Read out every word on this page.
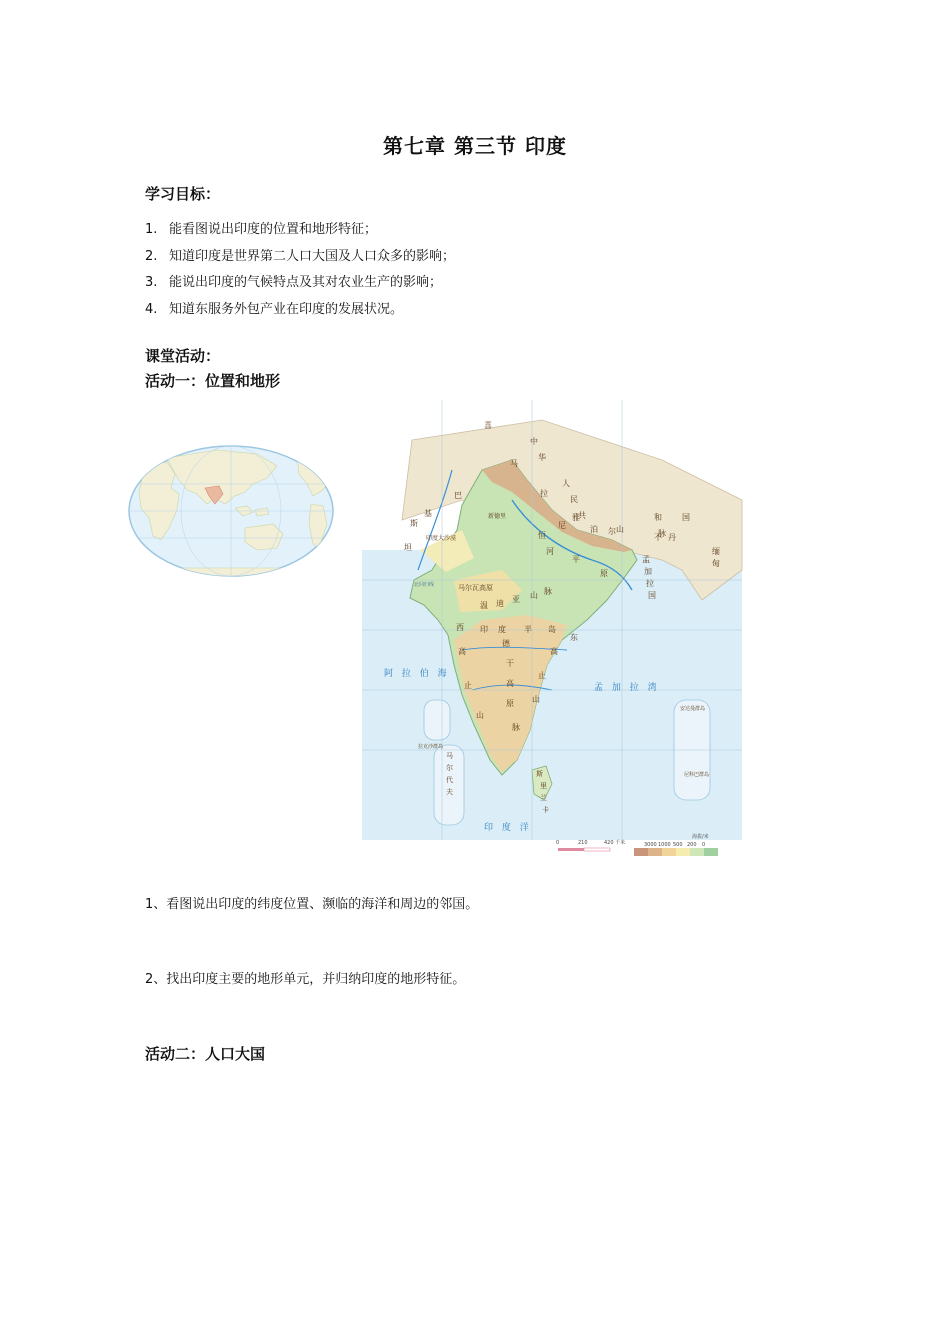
第七章 第三节 印度
学习目标：
1. 能看图说出印度的位置和地形特征；
2. 知道印度是世界第二人口大国及人口众多的影响；
3. 能说出印度的气候特点及其对农业生产的影响；
4. 知道东服务外包产业在印度的发展状况。
课堂活动：
活动一：位置和地形
中
华
人
民
共	和	国
巴
基
斯
坦
喜
马
拉
雅
山	脉
尼	泊 尔
不 丹
孟
加
拉
国
缅
甸
新德里
印度大沙漠	恒
河
平
原
马尔瓦高原
温 迪 亚 山 脉
印 度 半 岛
西
高
止
山
德
干
高
原
东
高
止
山
脉
斯
里
兰
卡
马
尔
代
夫
拉克沙群岛
安达曼群岛
尼科巴群岛
北回归线
阿 拉 伯 海
孟 加 拉 湾
印 度 洋
0	210	420 千米
海拔/米
3000 1000 500 200 0
1、看图说出印度的纬度位置、濒临的海洋和周边的邻国。
2、找出印度主要的地形单元，并归纳印度的地形特征。
活动二：人口大国
